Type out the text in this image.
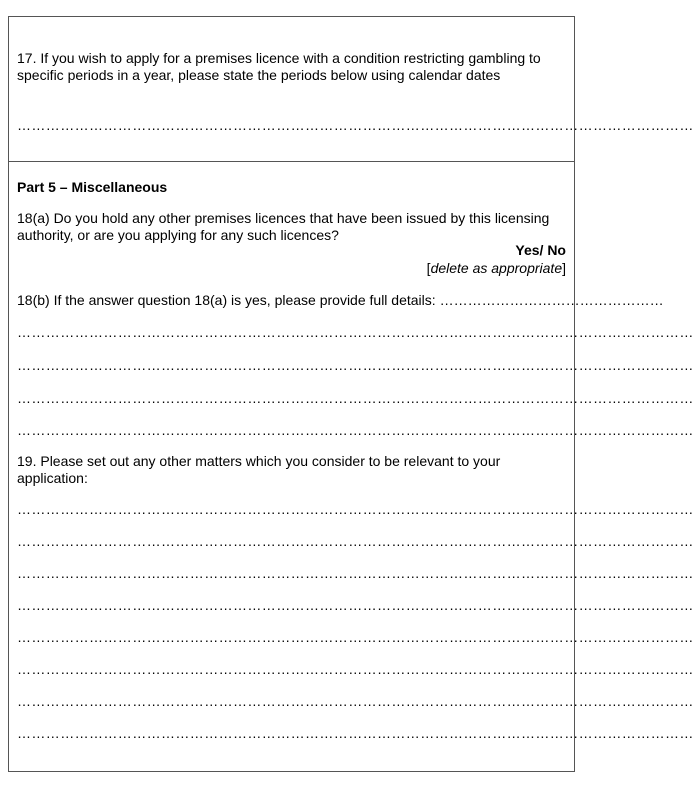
17. If you wish to apply for a premises licence with a condition restricting gambling to specific periods in a year, please state the periods below using calendar dates
……………………………………………………………………………………………………………………………
Part 5 – Miscellaneous
18(a) Do you hold any other premises licences that have been issued by this licensing authority, or are you applying for any such licences?
Yes/ No
[delete as appropriate]
18(b) If the answer question 18(a) is yes, please provide full details: …………………………………………
……………………………………………………………………………………………………………………………
……………………………………………………………………………………………………………………………
……………………………………………………………………………………………………………………………
……………………………………………………………………………………………………………………………
19. Please set out any other matters which you consider to be relevant to your application:
……………………………………………………………………………………………………………………………
……………………………………………………………………………………………………………………………
……………………………………………………………………………………………………………………………
……………………………………………………………………………………………………………………………
……………………………………………………………………………………………………………………………
……………………………………………………………………………………………………………………………
……………………………………………………………………………………………………………………………
……………………………………………………………………………………………………………………………
